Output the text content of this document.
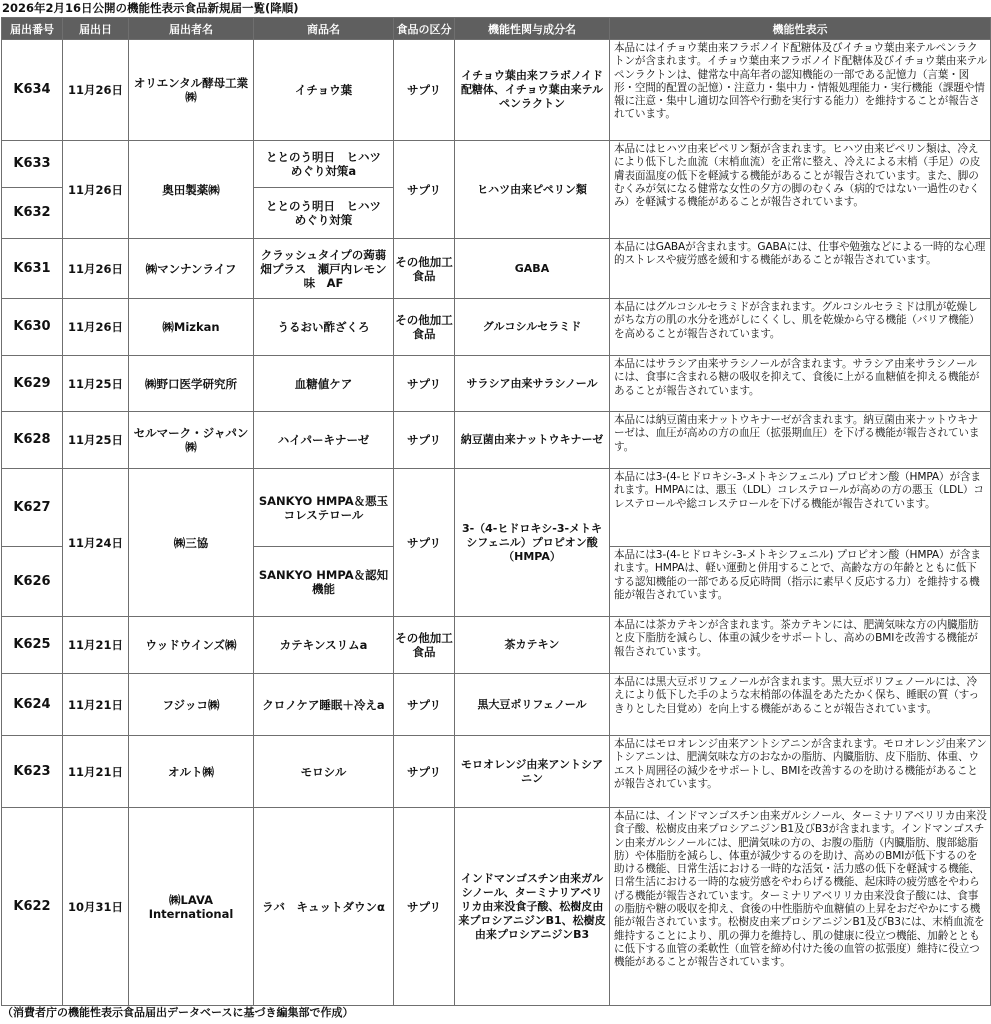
2026年2月16日公開の機能性表示食品新規届一覧(降順)
届出番号	届出日	届出者名	商品名	食品の区分	機能性関与成分名	機能性表示
K634	11月26日	オリエンタル酵母工業㈱	イチョウ葉	サプリ	イチョウ葉由来フラボノイド配糖体、イチョウ葉由来テルペンラクトン	本品にはイチョウ葉由来フラボノイド配糖体及びイチョウ葉由来テルペンラクトンが含まれます。イチョウ葉由来フラボノイド配糖体及びイチョウ葉由来テルペンラクトンは、健常な中高年者の認知機能の一部である記憶力（言葉・図形・空間的配置の記憶）・注意力・集中力・情報処理能力・実行機能（課題や情報に注意・集中し適切な回答や行動を実行する能力）を維持することが報告されています。
K633	11月26日	奥田製薬㈱	ととのう明日　ヒハツ　めぐり対策a	サプリ	ヒハツ由来ピペリン類	本品にはヒハツ由来ピペリン類が含まれます。ヒハツ由来ピペリン類は、冷えにより低下した血流（末梢血流）を正常に整え、冷えによる末梢（手足）の皮膚表面温度の低下を軽減する機能があることが報告されています。また、脚のむくみが気になる健常な女性の夕方の脚のむくみ（病的ではない一過性のむくみ）を軽減する機能があることが報告されています。
K632			ととのう明日　ヒハツ　めぐり対策			
K631	11月26日	㈱マンナンライフ	クラッシュタイプの蒟蒻畑プラス　瀬戸内レモン味　AF	その他加工食品	GABA	本品にはGABAが含まれます。GABAには、仕事や勉強などによる一時的な心理的ストレスや疲労感を緩和する機能があることが報告されています。
K630	11月26日	㈱Mizkan	うるおい酢ざくろ	その他加工食品	グルコシルセラミド	本品にはグルコシルセラミドが含まれます。グルコシルセラミドは肌が乾燥しがちな方の肌の水分を逃がしにくくし、肌を乾燥から守る機能（バリア機能）を高めることが報告されています。
K629	11月25日	㈱野口医学研究所	血糖値ケア	サプリ	サラシア由来サラシノール	本品にはサラシア由来サラシノールが含まれます。サラシア由来サラシノールには、食事に含まれる糖の吸収を抑えて、食後に上がる血糖値を抑える機能があることが報告されています。
K628	11月25日	セルマーク・ジャパン㈱	ハイパーキナーゼ	サプリ	納豆菌由来ナットウキナーゼ	本品には納豆菌由来ナットウキナーゼが含まれます。納豆菌由来ナットウキナーゼは、血圧が高めの方の血圧（拡張期血圧）を下げる機能が報告されています。
K627	11月24日	㈱三協	SANKYO HMPA＆悪玉コレステロール	サプリ	3-（4-ヒドロキシ-3-メトキシフェニル）プロピオン酸（HMPA）	本品には3-(4-ヒドロキシ-3-メトキシフェニル) プロピオン酸（HMPA）が含まれます。HMPAには、悪玉（LDL）コレステロールが高めの方の悪玉（LDL）コレステロールや総コレステロールを下げる機能が報告されています。
K626			SANKYO HMPA＆認知機能			本品には3-(4-ヒドロキシ-3-メトキシフェニル) プロピオン酸（HMPA）が含まれます。HMPAは、軽い運動と併用することで、高齢な方の年齢とともに低下する認知機能の一部である反応時間（指示に素早く反応する力）を維持する機能が報告されています。
K625	11月21日	ウッドウインズ㈱	カテキンスリムa	その他加工食品	茶カテキン	本品には茶カテキンが含まれます。茶カテキンには、肥満気味な方の内臓脂肪と皮下脂肪を減らし、体重の減少をサポートし、高めのBMIを改善する機能が報告されています。
K624	11月21日	フジッコ㈱	クロノケア睡眠＋冷えa	サプリ	黒大豆ポリフェノール	本品には黒大豆ポリフェノールが含まれます。黒大豆ポリフェノールには、冷えにより低下した手のような末梢部の体温をあたたかく保ち、睡眠の質（すっきりとした目覚め）を向上する機能があることが報告されています。
K623	11月21日	オルト㈱	モロシル	サプリ	モロオレンジ由来アントシアニン	本品にはモロオレンジ由来アントシアニンが含まれます。モロオレンジ由来アントシアニンは、肥満気味な方のおなかの脂肪、内臓脂肪、皮下脂肪、体重、ウエスト周囲径の減少をサポートし、BMIを改善するのを助ける機能があることが報告されています。
K622	10月31日	㈱LAVA International	ラバ　キュットダウンα	サプリ	インドマンゴスチン由来ガルシノール、ターミナリアベリリカ由来没食子酸、松樹皮由来プロシアニジンB1、松樹皮由来プロシアニジンB3	本品には、インドマンゴスチン由来ガルシノール、ターミナリアベリリカ由来没食子酸、松樹皮由来プロシアニジンB1及びB3が含まれます。インドマンゴスチン由来ガルシノールには、肥満気味の方の、お腹の脂肪（内臓脂肪、腹部総脂肪）や体脂肪を減らし、体重が減少するのを助け、高めのBMIが低下するのを助ける機能、日常生活における一時的な活気・活力感の低下を軽減する機能、日常生活における一時的な疲労感をやわらげる機能、起床時の疲労感をやわらげる機能が報告されています。ターミナリアベリリカ由来没食子酸には、食事の脂肪や糖の吸収を抑え、食後の中性脂肪や血糖値の上昇をおだやかにする機能が報告されています。松樹皮由来プロシアニジンB1及びB3には、末梢血流を維持することにより、肌の弾力を維持し、肌の健康に役立つ機能、加齢とともに低下する血管の柔軟性（血管を締め付けた後の血管の拡張度）維持に役立つ機能があることが報告されています。
（消費者庁の機能性表示食品届出データベースに基づき編集部で作成）
